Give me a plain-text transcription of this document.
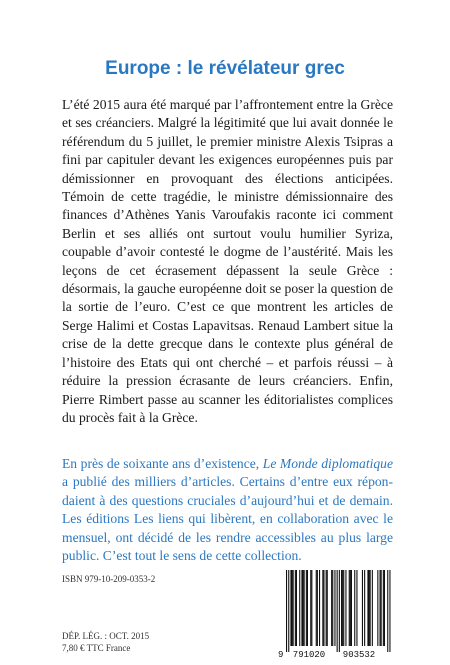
Europe : le révélateur grec

L’été 2015 aura été marqué par l’affrontement entre la Grèce et ses créanciers. Malgré la légitimité que lui avait donnée le référendum du 5 juillet, le premier ministre Alexis Tsipras a fini par capituler devant les exigences européennes puis par démissionner en provoquant des élections anticipées. Témoin de cette tragédie, le ministre démissionnaire des finances d’Athènes Yanis Varoufakis raconte ici comment Berlin et ses alliés ont surtout voulu humilier Syriza, coupable d’avoir contesté le dogme de l’austérité. Mais les leçons de cet écrasement dépassent la seule Grèce : désormais, la gauche européenne doit se poser la question de la sortie de l’euro. C’est ce que montrent les articles de Serge Halimi et Costas Lapavitsas. Renaud Lambert situe la crise de la dette grecque dans le contexte plus général de l’histoire des Etats qui ont cherché – et parfois réussi – à réduire la pression écrasante de leurs créanciers. Enfin, Pierre Rimbert passe au scanner les éditorialistes complices du procès fait à la Grèce.

En près de soixante ans d’existence, Le Monde diplomatique a publié des milliers d’articles. Certains d’entre eux répondaient à des questions cruciales d’aujourd’hui et de demain. Les éditions Les liens qui libèrent, en collaboration avec le mensuel, ont décidé de les rendre accessibles au plus large public. C’est tout le sens de cette collection.

ISBN 979-10-209-0353-2
DÉP. LÉG. : OCT. 2015
7,80 € TTC France
9 791020 903532
